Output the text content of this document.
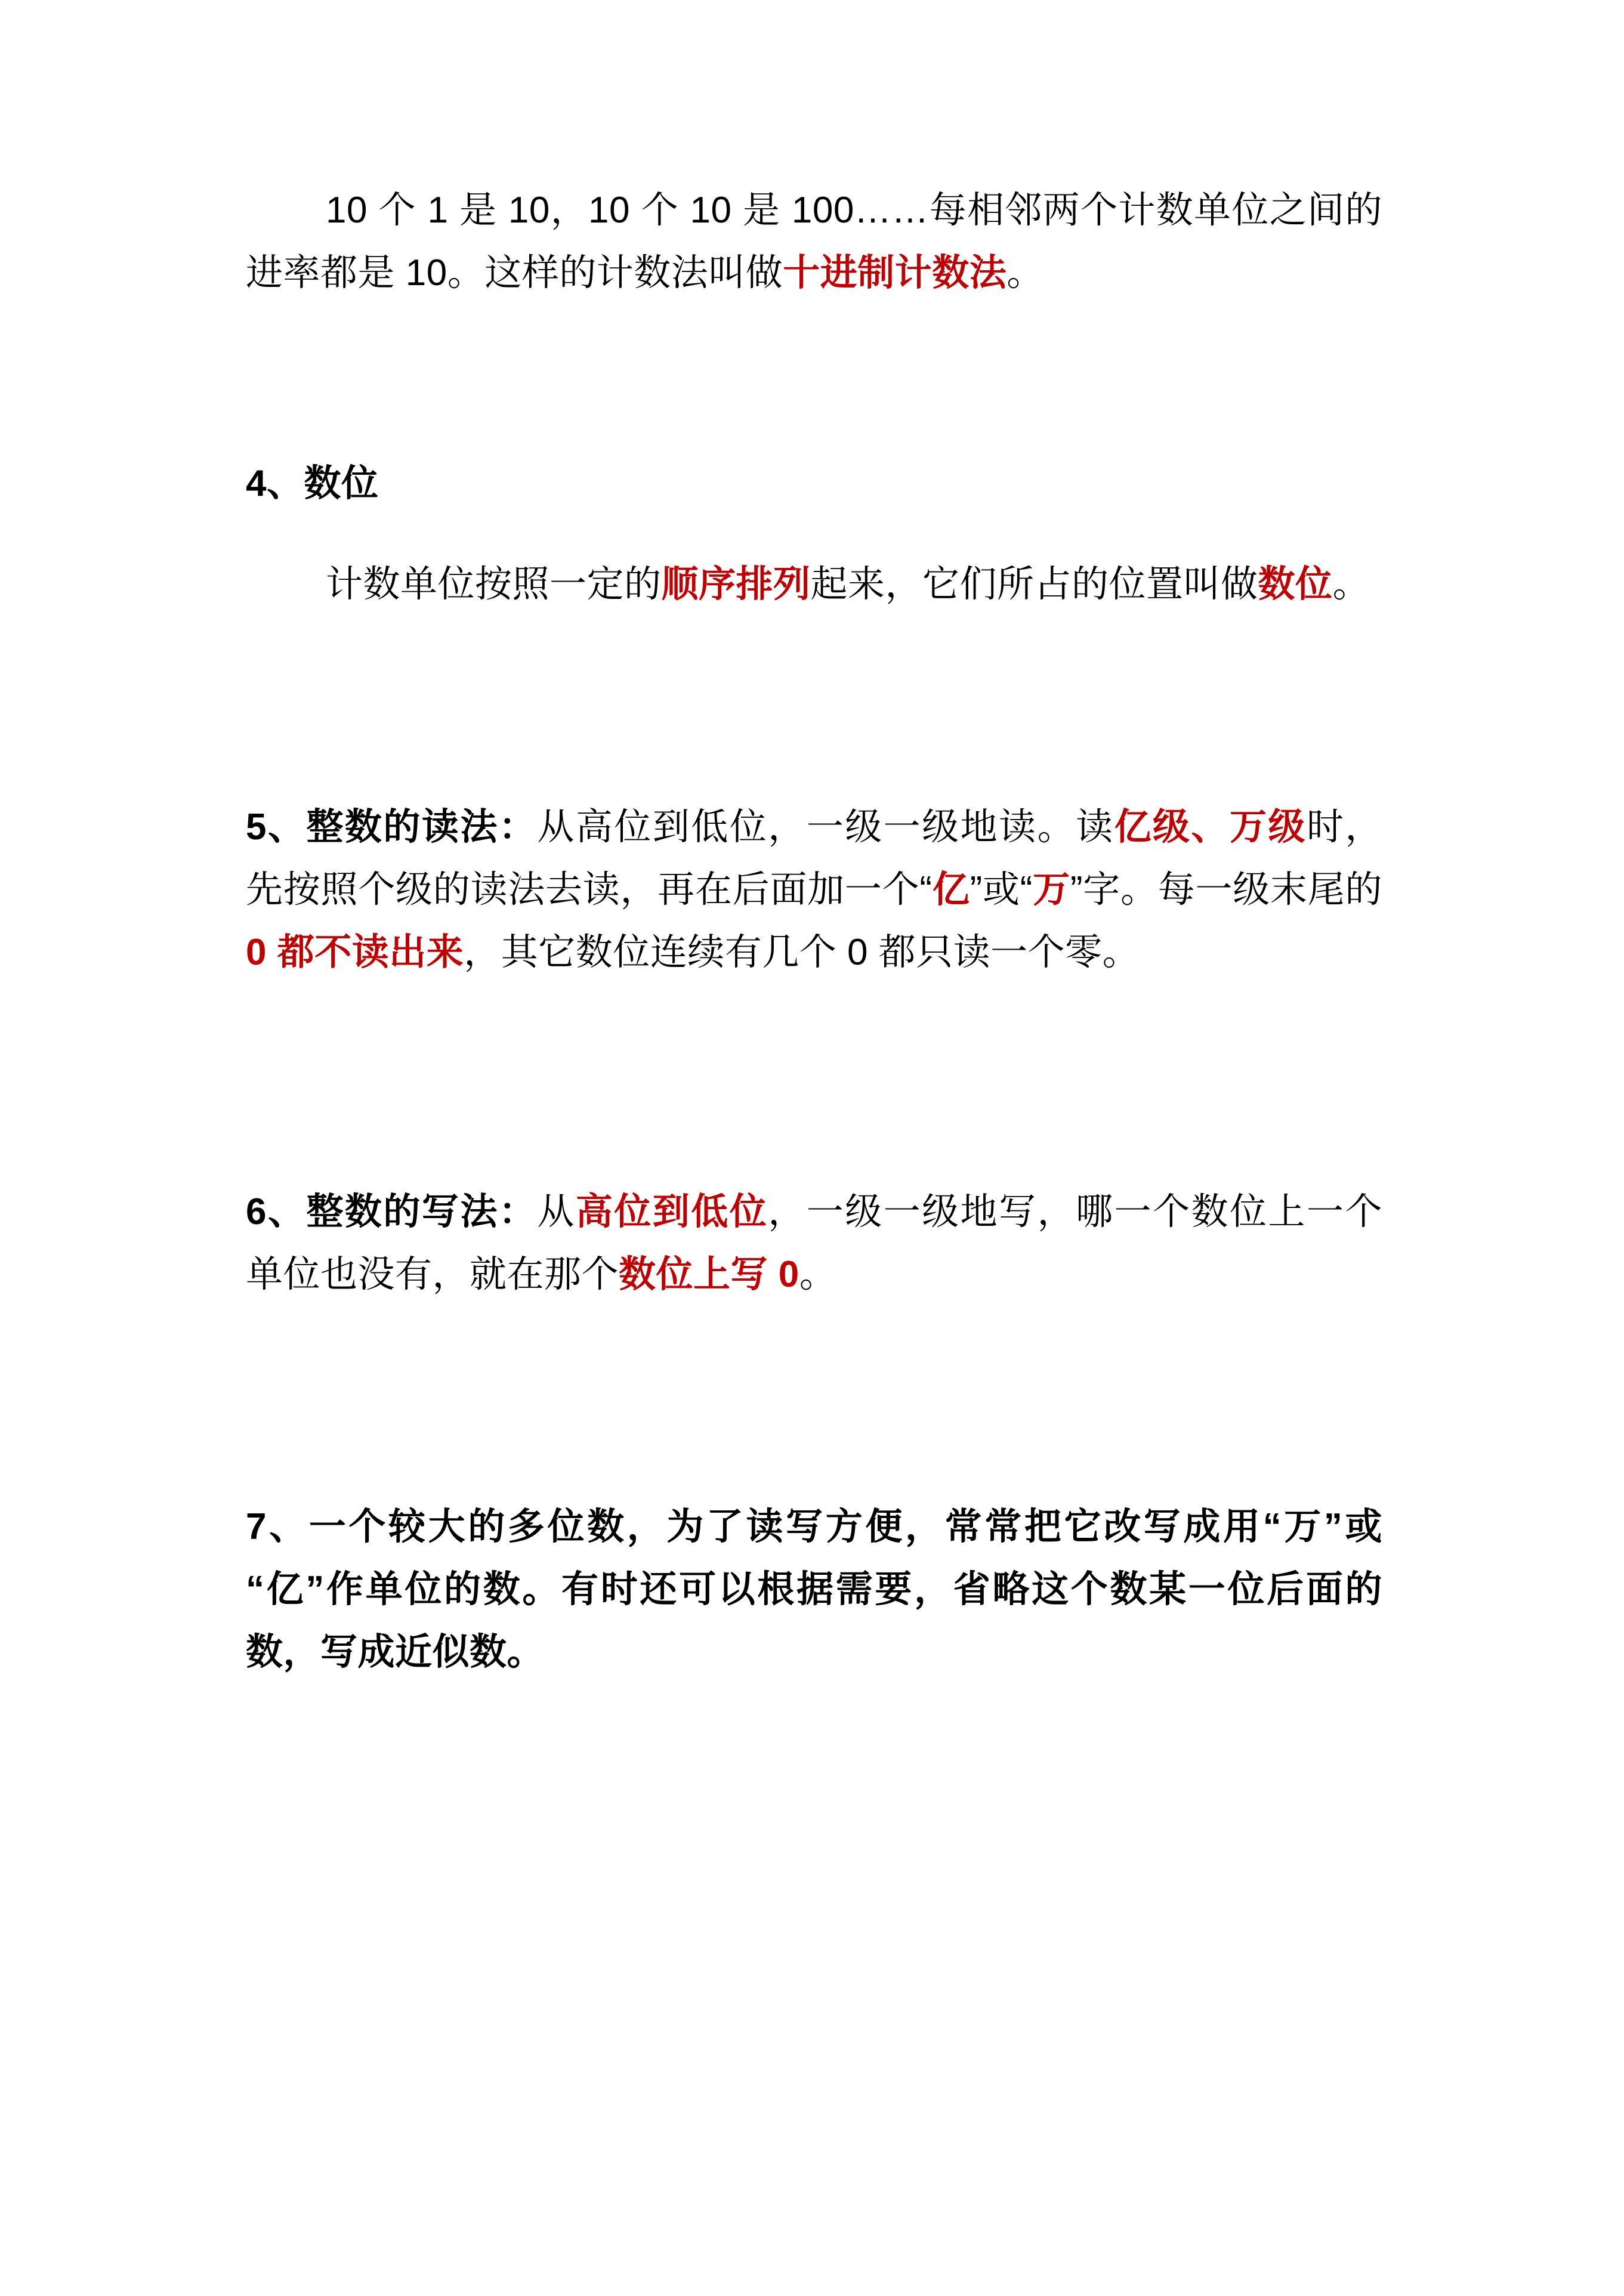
10 个 1 是 10，10 个 10 是 100……每相邻两个计数单位之间的进率都是 10。这样的计数法叫做十进制计数法。

4、数位

计数单位按照一定的顺序排列起来，它们所占的位置叫做数位。

5、整数的读法：从高位到低位，一级一级地读。读亿级、万级时，先按照个级的读法去读，再在后面加一个“亿”或“万”字。每一级末尾的 0 都不读出来，其它数位连续有几个 0 都只读一个零。

6、整数的写法：从高位到低位，一级一级地写，哪一个数位上一个单位也没有，就在那个数位上写 0。

7、一个较大的多位数，为了读写方便，常常把它改写成用“万”或“亿”作单位的数。有时还可以根据需要，省略这个数某一位后面的数，写成近似数。
